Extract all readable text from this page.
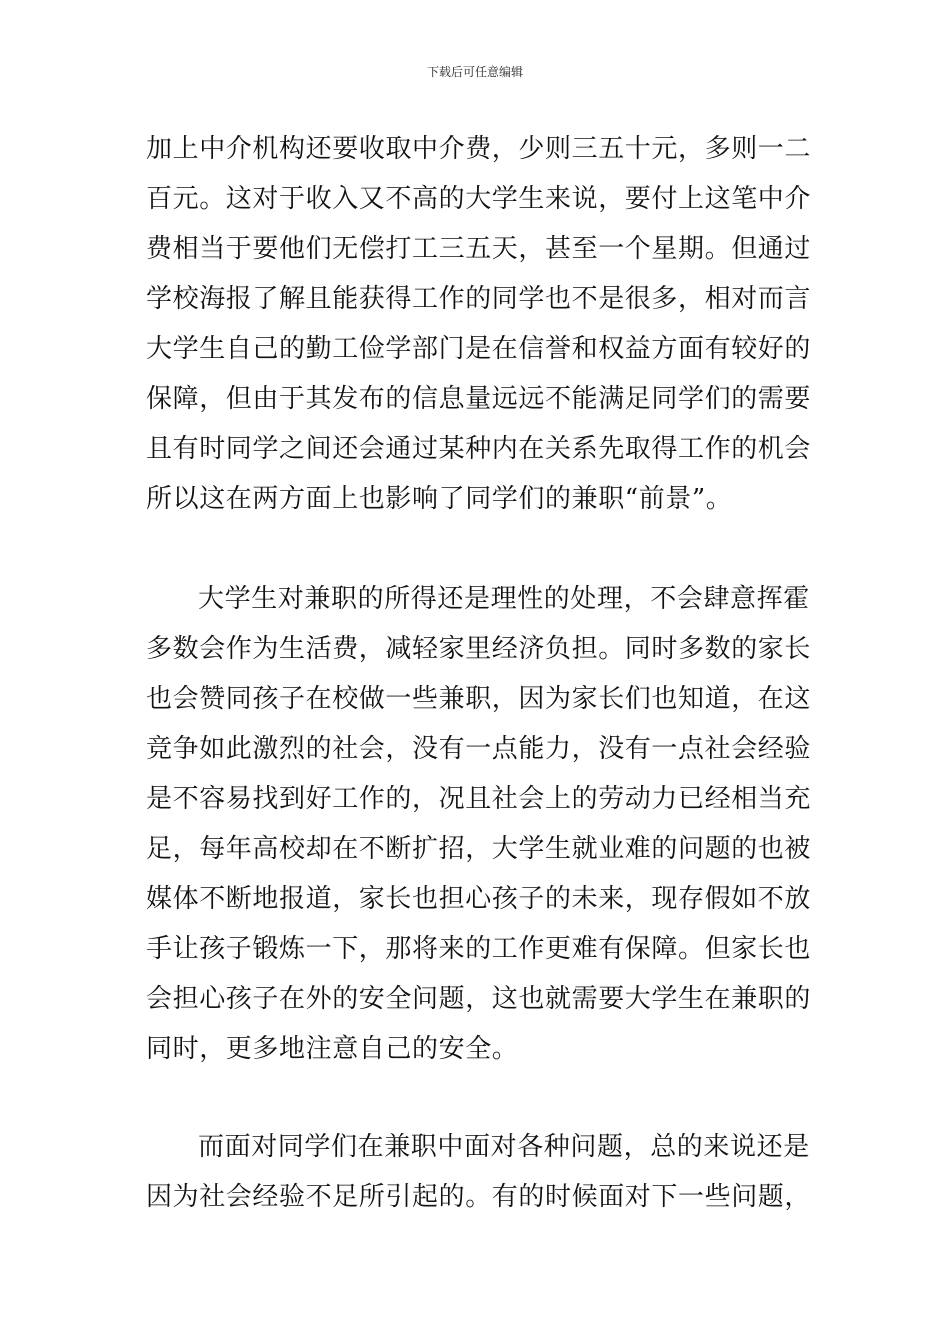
下载后可任意编辑
加上中介机构还要收取中介费，少则三五十元，多则一二
百元。这对于收入又不高的大学生来说，要付上这笔中介
费相当于要他们无偿打工三五天，甚至一个星期。但通过
学校海报了解且能获得工作的同学也不是很多，相对而言
大学生自己的勤工俭学部门是在信誉和权益方面有较好的
保障，但由于其发布的信息量远远不能满足同学们的需要
且有时同学之间还会通过某种内在关系先取得工作的机会
所以这在两方面上也影响了同学们的兼职“前景”。
大学生对兼职的所得还是理性的处理，不会肆意挥霍
多数会作为生活费，减轻家里经济负担。同时多数的家长
也会赞同孩子在校做一些兼职，因为家长们也知道，在这
竞争如此激烈的社会，没有一点能力，没有一点社会经验
是不容易找到好工作的，况且社会上的劳动力已经相当充
足，每年高校却在不断扩招，大学生就业难的问题的也被
媒体不断地报道，家长也担心孩子的未来，现存假如不放
手让孩子锻炼一下，那将来的工作更难有保障。但家长也
会担心孩子在外的安全问题，这也就需要大学生在兼职的
同时，更多地注意自己的安全。
而面对同学们在兼职中面对各种问题，总的来说还是
因为社会经验不足所引起的。有的时候面对下一些问题，
